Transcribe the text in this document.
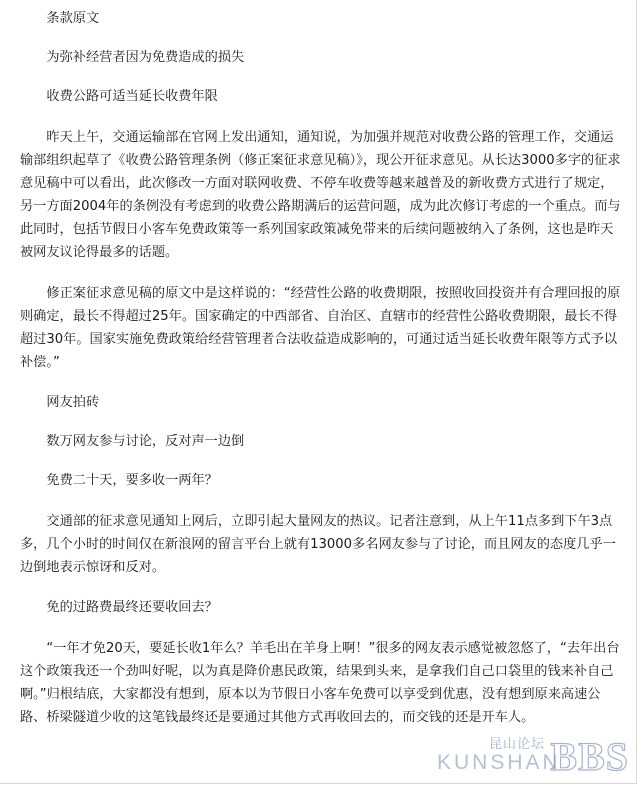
条款原文

为弥补经营者因为免费造成的损失

收费公路可适当延长收费年限

昨天上午，交通运输部在官网上发出通知，通知说，为加强并规范对收费公路的管理工作，交通运输部组织起草了《收费公路管理条例（修正案征求意见稿）》，现公开征求意见。从长达3000多字的征求意见稿中可以看出，此次修改一方面对联网收费、不停车收费等越来越普及的新收费方式进行了规定，另一方面2004年的条例没有考虑到的收费公路期满后的运营问题，成为此次修订考虑的一个重点。而与此同时，包括节假日小客车免费政策等一系列国家政策减免带来的后续问题被纳入了条例，这也是昨天被网友议论得最多的话题。

修正案征求意见稿的原文中是这样说的：“经营性公路的收费期限，按照收回投资并有合理回报的原则确定，最长不得超过25年。国家确定的中西部省、自治区、直辖市的经营性公路收费期限，最长不得超过30年。国家实施免费政策给经营管理者合法收益造成影响的，可通过适当延长收费年限等方式予以补偿。”

网友拍砖

数万网友参与讨论，反对声一边倒

免费二十天，要多收一两年？

交通部的征求意见通知上网后，立即引起大量网友的热议。记者注意到，从上午11点多到下午3点多，几个小时的时间仅在新浪网的留言平台上就有13000多名网友参与了讨论，而且网友的态度几乎一边倒地表示惊讶和反对。

免的过路费最终还要收回去？

“一年才免20天，要延长收1年么？羊毛出在羊身上啊！”很多的网友表示感觉被忽悠了，“去年出台这个政策我还一个劲叫好呢，以为真是降价惠民政策，结果到头来，是拿我们自己口袋里的钱来补自己啊。”归根结底，大家都没有想到，原本以为节假日小客车免费可以享受到优惠，没有想到原来高速公路、桥梁隧道少收的这笔钱最终还是要通过其他方式再收回去的，而交钱的还是开车人。

昆山论坛
KUNSHAN
BBS
